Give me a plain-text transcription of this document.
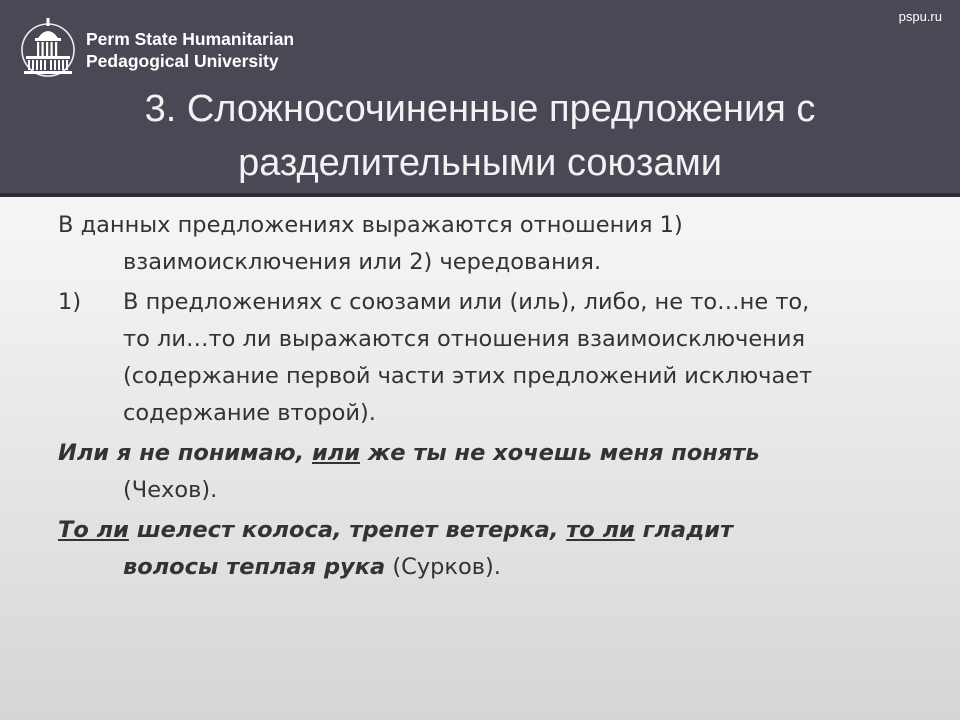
Perm State Humanitarian
Pedagogical University
pspu.ru
3. Сложносочиненные предложения с
разделительными союзами
В данных предложениях выражаются отношения 1)
взаимоисключения или 2) чередования.
1) В предложениях с союзами или (иль), либо, не то…не то,
то ли…то ли выражаются отношения взаимоисключения
(содержание первой части этих предложений исключает
содержание второй).
Или я не понимаю, или же ты не хочешь меня понять
(Чехов).
То ли шелест колоса, трепет ветерка, то ли гладит
волосы теплая рука (Сурков).
